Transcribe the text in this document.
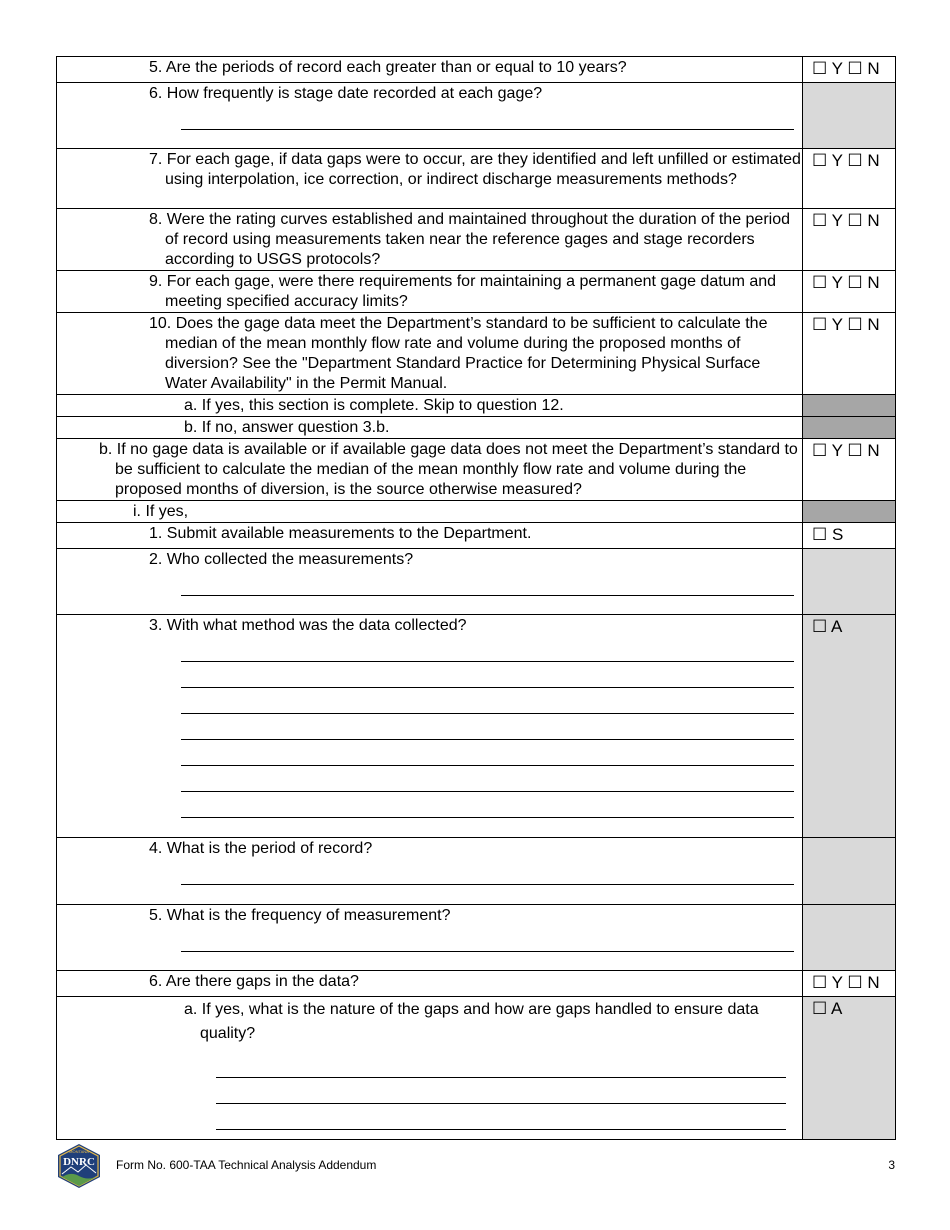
5. Are the periods of record each greater than or equal to 10 years?	☐ Y ☐ N

6. How frequently is stage date recorded at each gage?	

7. For each gage, if data gaps were to occur, are they identified and left unfilled or estimated using interpolation, ice correction, or indirect discharge measurements methods?	☐ Y ☐ N

8. Were the rating curves established and maintained throughout the duration of the period of record using measurements taken near the reference gages and stage recorders according to USGS protocols?	☐ Y ☐ N

9. For each gage, were there requirements for maintaining a permanent gage datum and meeting specified accuracy limits?	☐ Y ☐ N

10. Does the gage data meet the Department’s standard to be sufficient to calculate the median of the mean monthly flow rate and volume during the proposed months of diversion? See the "Department Standard Practice for Determining Physical Surface Water Availability" in the Permit Manual.	☐ Y ☐ N

a. If yes, this section is complete. Skip to question 12.	

b. If no, answer question 3.b.	

b. If no gage data is available or if available gage data does not meet the Department’s standard to be sufficient to calculate the median of the mean monthly flow rate and volume during the proposed months of diversion, is the source otherwise measured?	☐ Y ☐ N

i. If yes,	

1. Submit available measurements to the Department.	☐ S

2. Who collected the measurements?	

3. With what method was the data collected?	☐ A

4. What is the period of record?	

5. What is the frequency of measurement?	

6. Are there gaps in the data?	☐ Y ☐ N

a. If yes, what is the nature of the gaps and how are gaps handled to ensure data quality?	☐ A
MONTANA
DNRC Form No. 600-TAA Technical Analysis Addendum	3
